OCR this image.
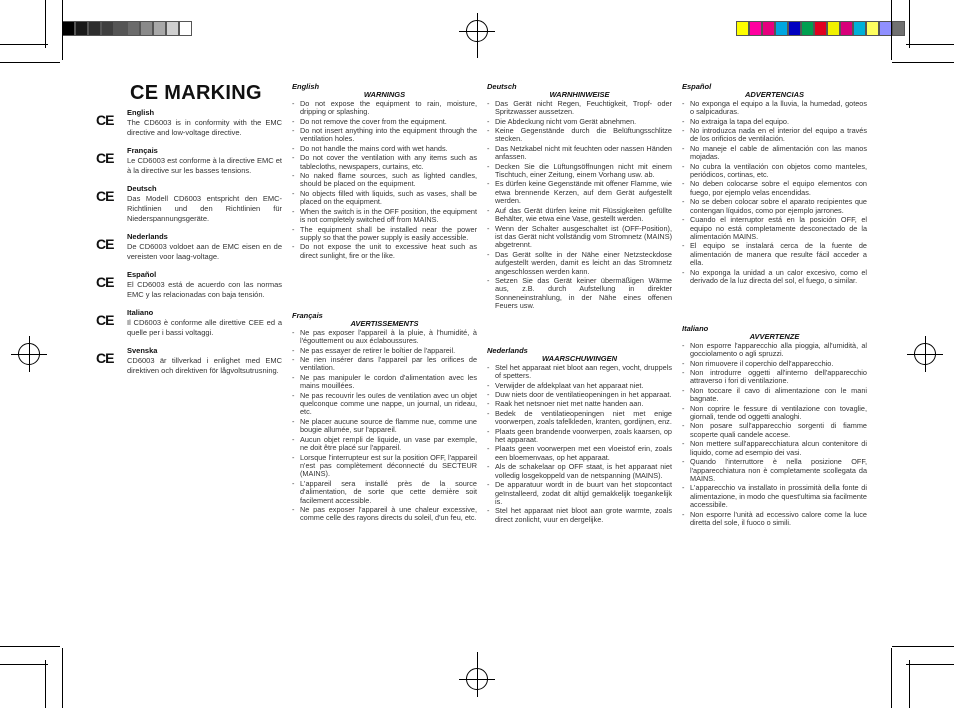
CE MARKING
CE English
The CD6003 is in conformity with the EMC directive and low-voltage directive.
CE Français
Le CD6003 est conforme à la directive EMC et à la directive sur les basses tensions.
CE Deutsch
Das Modell CD6003 entspricht den EMC-Richtlinien und den Richtlinien für Niederspannungsgeräte.
CE Nederlands
De CD6003 voldoet aan de EMC eisen en de vereisten voor laag-voltage.
CE Español
El CD6003 está de acuerdo con las normas EMC y las relacionadas con baja tensión.
CE Italiano
Il CD6003 è conforme alle direttive CEE ed a quelle per i bassi voltaggi.
CE Svenska
CD6003 är tillverkad i enlighet med EMC direktiven och direktiven för lågvoltsutrusning.
English
WARNINGS
- Do not expose the equipment to rain, moisture, dripping or splashing.
- Do not remove the cover from the equipment.
- Do not insert anything into the equipment through the ventilation holes.
- Do not handle the mains cord with wet hands.
- Do not cover the ventilation with any items such as tablecloths, newspapers, curtains, etc.
- No naked flame sources, such as lighted candles, should be placed on the equipment.
- No objects filled with liquids, such as vases, shall be placed on the equipment.
- When the switch is in the OFF position, the equipment is not completely switched off from MAINS.
- The equipment shall be installed near the power supply so that the power supply is easily accessible.
- Do not expose the unit to excessive heat such as direct sunlight, fire or the like.
Français
AVERTISSEMENTS
- Ne pas exposer l'appareil à la pluie, à l'humidité, à l'égouttement ou aux éclaboussures.
- Ne pas essayer de retirer le boîtier de l'appareil.
- Ne rien insérer dans l'appareil par les orifices de ventilation.
- Ne pas manipuler le cordon d'alimentation avec les mains mouillées.
- Ne pas recouvrir les ouïes de ventilation avec un objet quelconque comme une nappe, un journal, un rideau, etc.
- Ne placer aucune source de flamme nue, comme une bougie allumée, sur l'appareil.
- Aucun objet rempli de liquide, un vase par exemple, ne doit être placé sur l'appareil.
- Lorsque l'interrupteur est sur la position OFF, l'appareil n'est pas complètement déconnecté du SECTEUR (MAINS).
- L'appareil sera installé près de la source d'alimentation, de sorte que cette dernière soit facilement accessible.
- Ne pas exposer l'appareil à une chaleur excessive, comme celle des rayons directs du soleil, d'un feu, etc.
Deutsch
WARNHINWEISE
- Das Gerät nicht Regen, Feuchtigkeit, Tropf- oder Spritzwasser aussetzen.
- Die Abdeckung nicht vom Gerät abnehmen.
- Keine Gegenstände durch die Belüftungsschlitze stecken.
- Das Netzkabel nicht mit feuchten oder nassen Händen anfassen.
- Decken Sie die Lüftungsöffnungen nicht mit einem Tischtuch, einer Zeitung, einem Vorhang usw. ab.
- Es dürfen keine Gegenstände mit offener Flamme, wie etwa brennende Kerzen, auf dem Gerät aufgestellt werden.
- Auf das Gerät dürfen keine mit Flüssigkeiten gefüllte Behälter, wie etwa eine Vase, gestellt werden.
- Wenn der Schalter ausgeschaltet ist (OFF-Position), ist das Gerät nicht vollständig vom Stromnetz (MAINS) abgetrennt.
- Das Gerät sollte in der Nähe einer Netzsteckdose aufgestellt werden, damit es leicht an das Stromnetz angeschlossen werden kann.
- Setzen Sie das Gerät keiner übermäßigen Wärme aus, z.B. durch Aufstellung in direkter Sonneneinstrahlung, in der Nähe eines offenen Feuers usw.
Nederlands
WAARSCHUWINGEN
- Stel het apparaat niet bloot aan regen, vocht, druppels of spetters.
- Verwijder de afdekplaat van het apparaat niet.
- Duw niets door de ventilatieopeningen in het apparaat.
- Raak het netsnoer niet met natte handen aan.
- Bedek de ventilatieopeningen niet met enige voorwerpen, zoals tafelkleden, kranten, gordijnen, enz.
- Plaats geen brandende voorwerpen, zoals kaarsen, op het apparaat.
- Plaats geen voorwerpen met een vloeistof erin, zoals een bloemenvaas, op het apparaat.
- Als de schakelaar op OFF staat, is het apparaat niet volledig losgekoppeld van de netspanning (MAINS).
- De apparatuur wordt in de buurt van het stopcontact geïnstalleerd, zodat dit altijd gemakkelijk toegankelijk is.
- Stel het apparaat niet bloot aan grote warmte, zoals direct zonlicht, vuur en dergelijke.
Español
ADVERTENCIAS
- No exponga el equipo a la lluvia, la humedad, goteos o salpicaduras.
- No extraiga la tapa del equipo.
- No introduzca nada en el interior del equipo a través de los orificios de ventilación.
- No maneje el cable de alimentación con las manos mojadas.
- No cubra la ventilación con objetos como manteles, periódicos, cortinas, etc.
- No deben colocarse sobre el equipo elementos con fuego, por ejemplo velas encendidas.
- No se deben colocar sobre el aparato recipientes que contengan líquidos, como por ejemplo jarrones.
- Cuando el interruptor está en la posición OFF, el equipo no está completamente desconectado de la alimentación MAINS.
- El equipo se instalará cerca de la fuente de alimentación de manera que resulte fácil acceder a ella.
- No exponga la unidad a un calor excesivo, como el derivado de la luz directa del sol, el fuego, o similar.
Italiano
AVVERTENZE
- Non esporre l'apparecchio alla pioggia, all'umidità, al gocciolamento o agli spruzzi.
- Non rimuovere il coperchio dell'apparecchio.
- Non introdurre oggetti all'interno dell'apparecchio attraverso i fori di ventilazione.
- Non toccare il cavo di alimentazione con le mani bagnate.
- Non coprire le fessure di ventilazione con tovaglie, giornali, tende od oggetti analoghi.
- Non posare sull'apparecchio sorgenti di fiamme scoperte quali candele accese.
- Non mettere sull'apparecchiatura alcun contenitore di liquido, come ad esempio dei vasi.
- Quando l'interruttore è nella posizione OFF, l'apparecchiatura non è completamente scollegata da MAINS.
- L'apparecchio va installato in prossimità della fonte di alimentazione, in modo che quest'ultima sia facilmente accessibile.
- Non esporre l'unità ad eccessivo calore come la luce diretta del sole, il fuoco o simili.
